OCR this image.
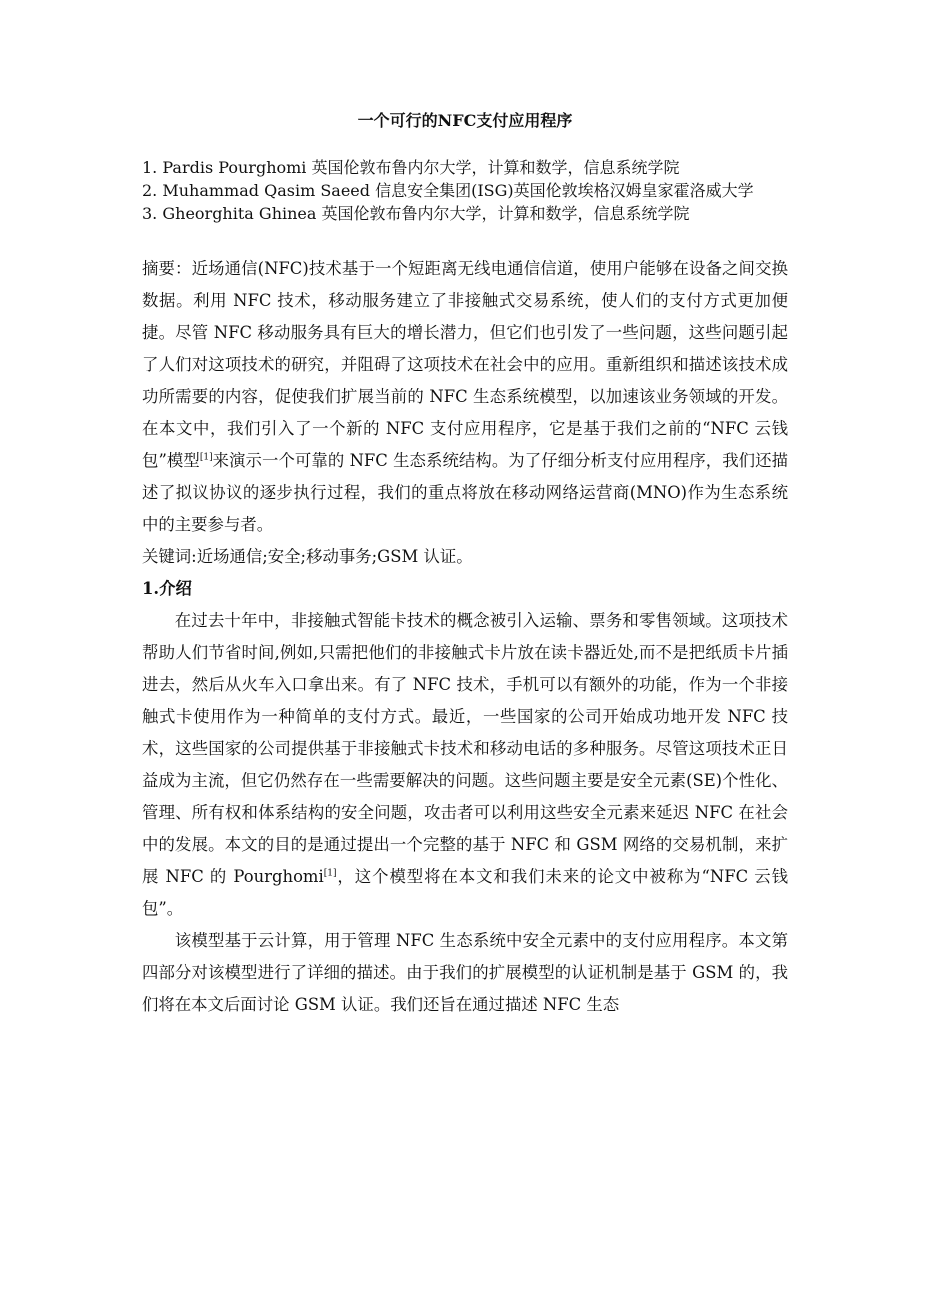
一个可行的NFC支付应用程序
1. Pardis Pourghomi 英国伦敦布鲁内尔大学，计算和数学，信息系统学院
2. Muhammad Qasim Saeed 信息安全集团(ISG)英国伦敦埃格汉姆皇家霍洛威大学
3. Gheorghita Ghinea 英国伦敦布鲁内尔大学，计算和数学，信息系统学院

摘要：近场通信(NFC)技术基于一个短距离无线电通信信道，使用户能够在设备之间交换数据。利用 NFC 技术，移动服务建立了非接触式交易系统，使人们的支付方式更加便捷。尽管 NFC 移动服务具有巨大的增长潜力，但它们也引发了一些问题，这些问题引起了人们对这项技术的研究，并阻碍了这项技术在社会中的应用。重新组织和描述该技术成功所需要的内容，促使我们扩展当前的 NFC 生态系统模型，以加速该业务领域的开发。在本文中，我们引入了一个新的 NFC 支付应用程序，它是基于我们之前的“NFC 云钱包”模型[1]来演示一个可靠的 NFC 生态系统结构。为了仔细分析支付应用程序，我们还描述了拟议协议的逐步执行过程，我们的重点将放在移动网络运营商(MNO)作为生态系统中的主要参与者。

关键词:近场通信;安全;移动事务;GSM 认证。

1.介绍

在过去十年中，非接触式智能卡技术的概念被引入运输、票务和零售领域。这项技术帮助人们节省时间,例如,只需把他们的非接触式卡片放在读卡器近处,而不是把纸质卡片插进去，然后从火车入口拿出来。有了 NFC 技术，手机可以有额外的功能，作为一个非接触式卡使用作为一种简单的支付方式。最近，一些国家的公司开始成功地开发 NFC 技术，这些国家的公司提供基于非接触式卡技术和移动电话的多种服务。尽管这项技术正日益成为主流，但它仍然存在一些需要解决的问题。这些问题主要是安全元素(SE)个性化、管理、所有权和体系结构的安全问题，攻击者可以利用这些安全元素来延迟 NFC 在社会中的发展。本文的目的是通过提出一个完整的基于 NFC 和 GSM 网络的交易机制，来扩展 NFC 的 Pourghomi[1]，这个模型将在本文和我们未来的论文中被称为“NFC 云钱包”。

该模型基于云计算，用于管理 NFC 生态系统中安全元素中的支付应用程序。本文第四部分对该模型进行了详细的描述。由于我们的扩展模型的认证机制是基于 GSM 的，我们将在本文后面讨论 GSM 认证。我们还旨在通过描述 NFC 生态
